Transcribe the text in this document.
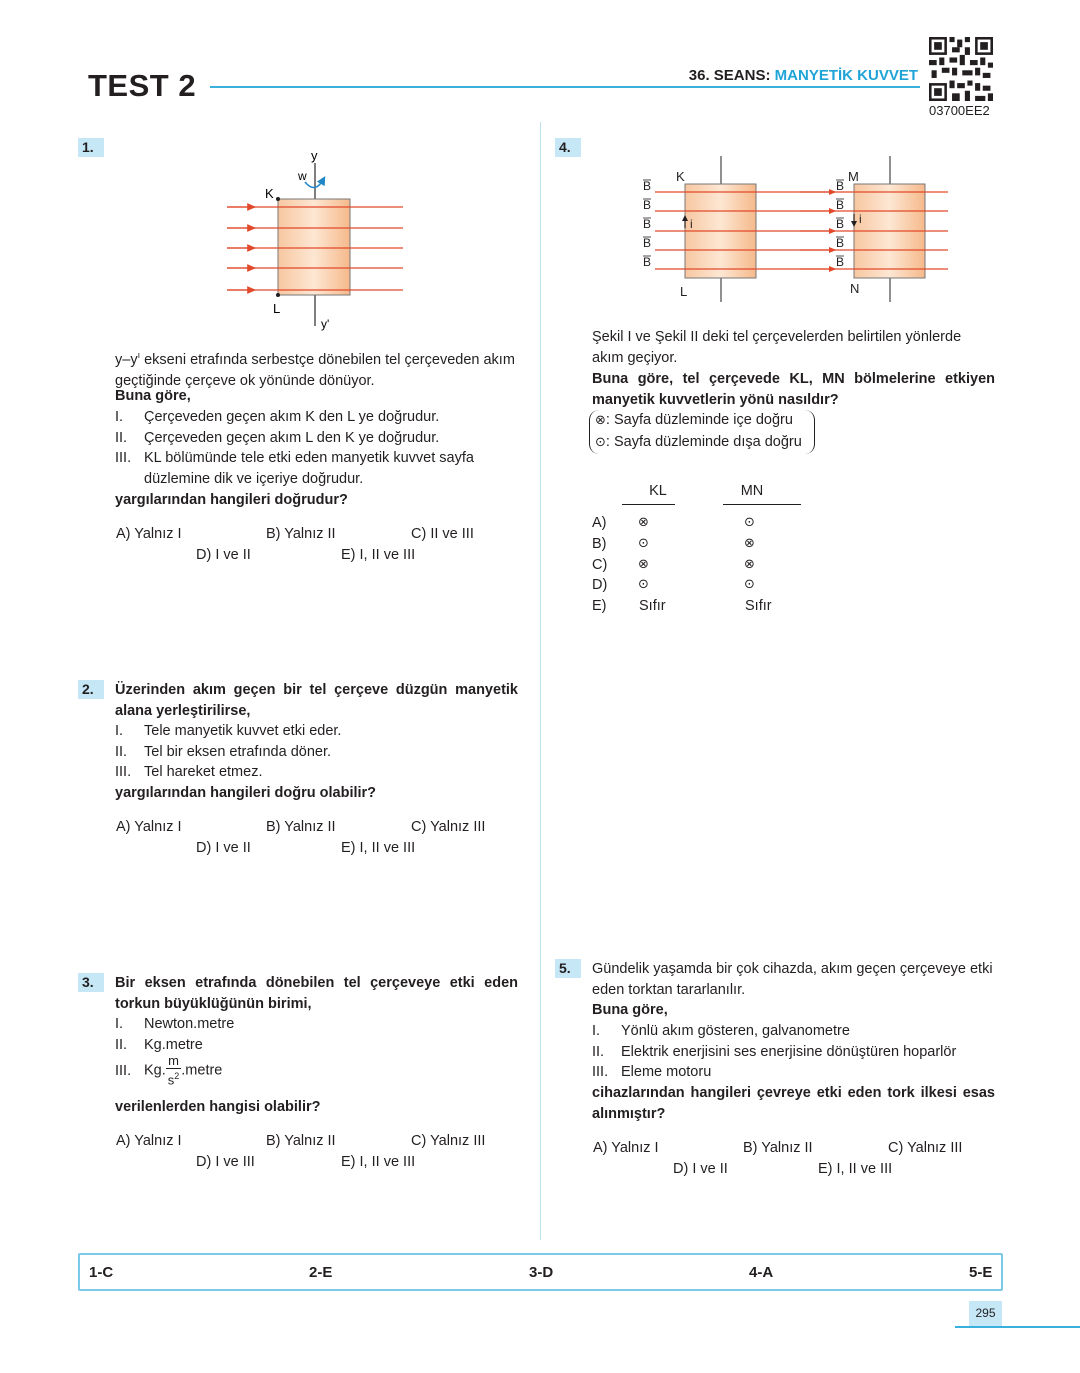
TEST 2	36. SEANS: MANYETİK KUVVET
03700EE2
1.
y
w
K
L
y'
$y-y^ı$ ekseni etrafında serbestçe dönebilen tel çerçeveden akım geçtiğinde çerçeve ok yönünde dönüyor.
Buna göre,
I. Çerçeveden geçen akım K den L ye doğrudur.
II. Çerçeveden geçen akım L den K ye doğrudur.
III. KL bölümünde tele etki eden manyetik kuvvet sayfa düzlemine dik ve içeriye doğrudur.
yargılarından hangileri doğrudur?
A) Yalnız I	B) Yalnız II	C) II ve III
D) I ve II	E) I, II ve III
2.	Üzerinden akım geçen bir tel çerçeve düzgün manyetik alana yerleştirilirse,
I. Tele manyetik kuvvet etki eder.
II. Tel bir eksen etrafında döner.
III. Tel hareket etmez.
yargılarından hangileri doğru olabilir?
A) Yalnız I	B) Yalnız II	C) Yalnız III
D) I ve II	E) I, II ve III
3.	Bir eksen etrafında dönebilen tel çerçeveye etki eden torkun büyüklüğünün birimi,
I. Newton.metre
II. Kg.metre
III. Kg. $\frac{m}{s^2}$ .metre
verilenlerden hangisi olabilir?
A) Yalnız I	B) Yalnız II	C) Yalnız III
D) I ve III	E) I, II ve III
4.
B
B
B
B
B
B
B
B
B
B
K
L
M
N
i	i
Şekil I ve Şekil II deki tel çerçevelerden belirtilen yönlerde akım geçiyor.
Buna göre, tel çerçevede KL, MN bölmelerine etkiyen manyetik kuvvetlerin yönü nasıldır?
⊗: Sayfa düzleminde içe doğru
⊙: Sayfa düzleminde dışa doğru
KL	MN
A) ⊗	⊙
B) ⊙	⊗
C) ⊗	⊗
D) ⊙	⊙
E) Sıfır	Sıfır
5.	Gündelik yaşamda bir çok cihazda, akım geçen çerçeveye etki eden torktan tararlanılır.
Buna göre,
I. Yönlü akım gösteren, galvanometre
II. Elektrik enerjisini ses enerjisine dönüştüren hoparlör
III. Eleme motoru
cihazlarından hangileri çevreye etki eden tork ilkesi esas alınmıştır?
A) Yalnız I	B) Yalnız II	C) Yalnız III
D) I ve II	E) I, II ve III
1-C	2-E	3-D	4-A	5-E
295
